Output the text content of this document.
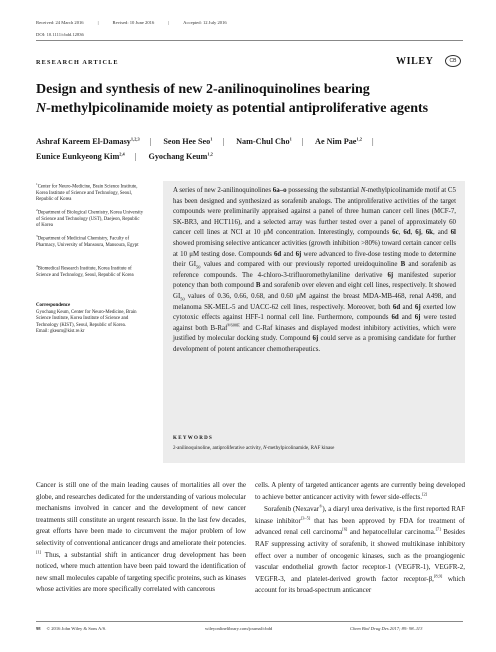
Received: 24 March 2016	|	Revised: 10 June 2016	|	Accepted: 12 July 2016
DOI: 10.1111/cbdd.12836
RESEARCH ARTICLE	WILEY	CB
Design and synthesis of new 2-anilinoquinolines bearing
N-methylpicolinamide moiety as potential antiproliferative agents
Ashraf Kareem El-Damasy$^{1,2,3}$ | Seon Hee Seo$^1$ | Nam-Chul Cho$^1$ | Ae Nim Pae$^{1,2}$ |
Eunice Eunkyeong Kim$^{2,4}$ | Gyochang Keum$^{1,2}$
$^1$Center for Neuro-Medicine, Brain Science Institute, Korea Institute of Science and Technology, Seoul, Republic of Korea
$^2$Department of Biological Chemistry, Korea University of Science and Technology (UST), Daejeon, Republic of Korea
$^3$Department of Medicinal Chemistry, Faculty of Pharmacy, University of Mansoura, Mansoura, Egypt
$^4$Biomedical Research Institute, Korea Institute of Science and Technology, Seoul, Republic of Korea
Correspondence
Gyochang Keum, Center for Neuro-Medicine, Brain Science Institute, Korea Institute of Science and Technology (KIST), Seoul, Republic of Korea.
Email: gkeum@kist.re.kr
A series of new 2-anilinoquinolines 6a–o possessing the substantial N-methylpicolinamide motif at C5 has been designed and synthesized as sorafenib analogs. The antiproliferative activities of the target compounds were preliminarily appraised against a panel of three human cancer cell lines (MCF-7, SK-BR3, and HCT116), and a selected array was further tested over a panel of approximately 60 cancer cell lines at NCI at 10 μM concentration. Interestingly, compounds 6c, 6d, 6j, 6k, and 6l showed promising selective anticancer activities (growth inhibition >80%) toward certain cancer cells at 10 μM testing dose. Compounds 6d and 6j were advanced to five-dose testing mode to determine their $GI_{50}$ values and compared with our previously reported ureidoquinoline B and sorafenib as reference compounds. The 4-chloro-3-trifluoromethylaniline derivative 6j manifested superior potency than both compound B and sorafenib over eleven and eight cell lines, respectively. It showed $GI_{50}$ values of 0.36, 0.66, 0.68, and 0.60 μM against the breast MDA-MB-468, renal A498, and melanoma SK-MEL-5 and UACC-62 cell lines, respectively. Moreover, both 6d and 6j exerted low cytotoxic effects against HFF-1 normal cell line. Furthermore, compounds 6d and 6j were tested against both B-Raf$^{V600E}$ and C-Raf kinases and displayed modest inhibitory activities, which were justified by molecular docking study. Compound 6j could serve as a promising candidate for further development of potent anticancer chemotherapeutics.
KEYWORDS
2-anilinoquinoline, antiproliferative activity, N-methylpicolinamide, RAF kinase

Cancer is still one of the main leading causes of mortalities all over the globe, and researches dedicated for the understanding of various molecular mechanisms involved in cancer and the development of new cancer treatments still constitute an urgent research issue. In the last few decades, great efforts have been made to circumvent the major problem of low selectivity of conventional anticancer drugs and ameliorate their potencies.[1] Thus, a substantial shift in anticancer drug development has been noticed, where much attention have been paid toward the identification of new small molecules capable of targeting specific proteins, such as kinases whose activities are more specifically correlated with cancerous

cells. A plenty of targeted anticancer agents are currently being developed to achieve better anticancer activity with fewer side-effects.[2]

Sorafenib (Nexavar®), a diaryl urea derivative, is the first reported RAF kinase inhibitor[3–5] that has been approved by FDA for treatment of advanced renal cell carcinoma[6] and hepatocellular carcinoma.[7] Besides RAF suppressing activity of sorafenib, it showed multikinase inhibitory effect over a number of oncogenic kinases, such as the proangiogenic vascular endothelial growth factor receptor-1 (VEGFR-1), VEGFR-2, VEGFR-3, and platelet-derived growth factor receptor-β,[8,9] which account for its broad-spectrum anticancer

98 © 2016 John Wiley & Sons A/S.	wileyonlinelibrary.com/journal/cbdd	Chem Biol Drug Des 2017; 89: 98–113
